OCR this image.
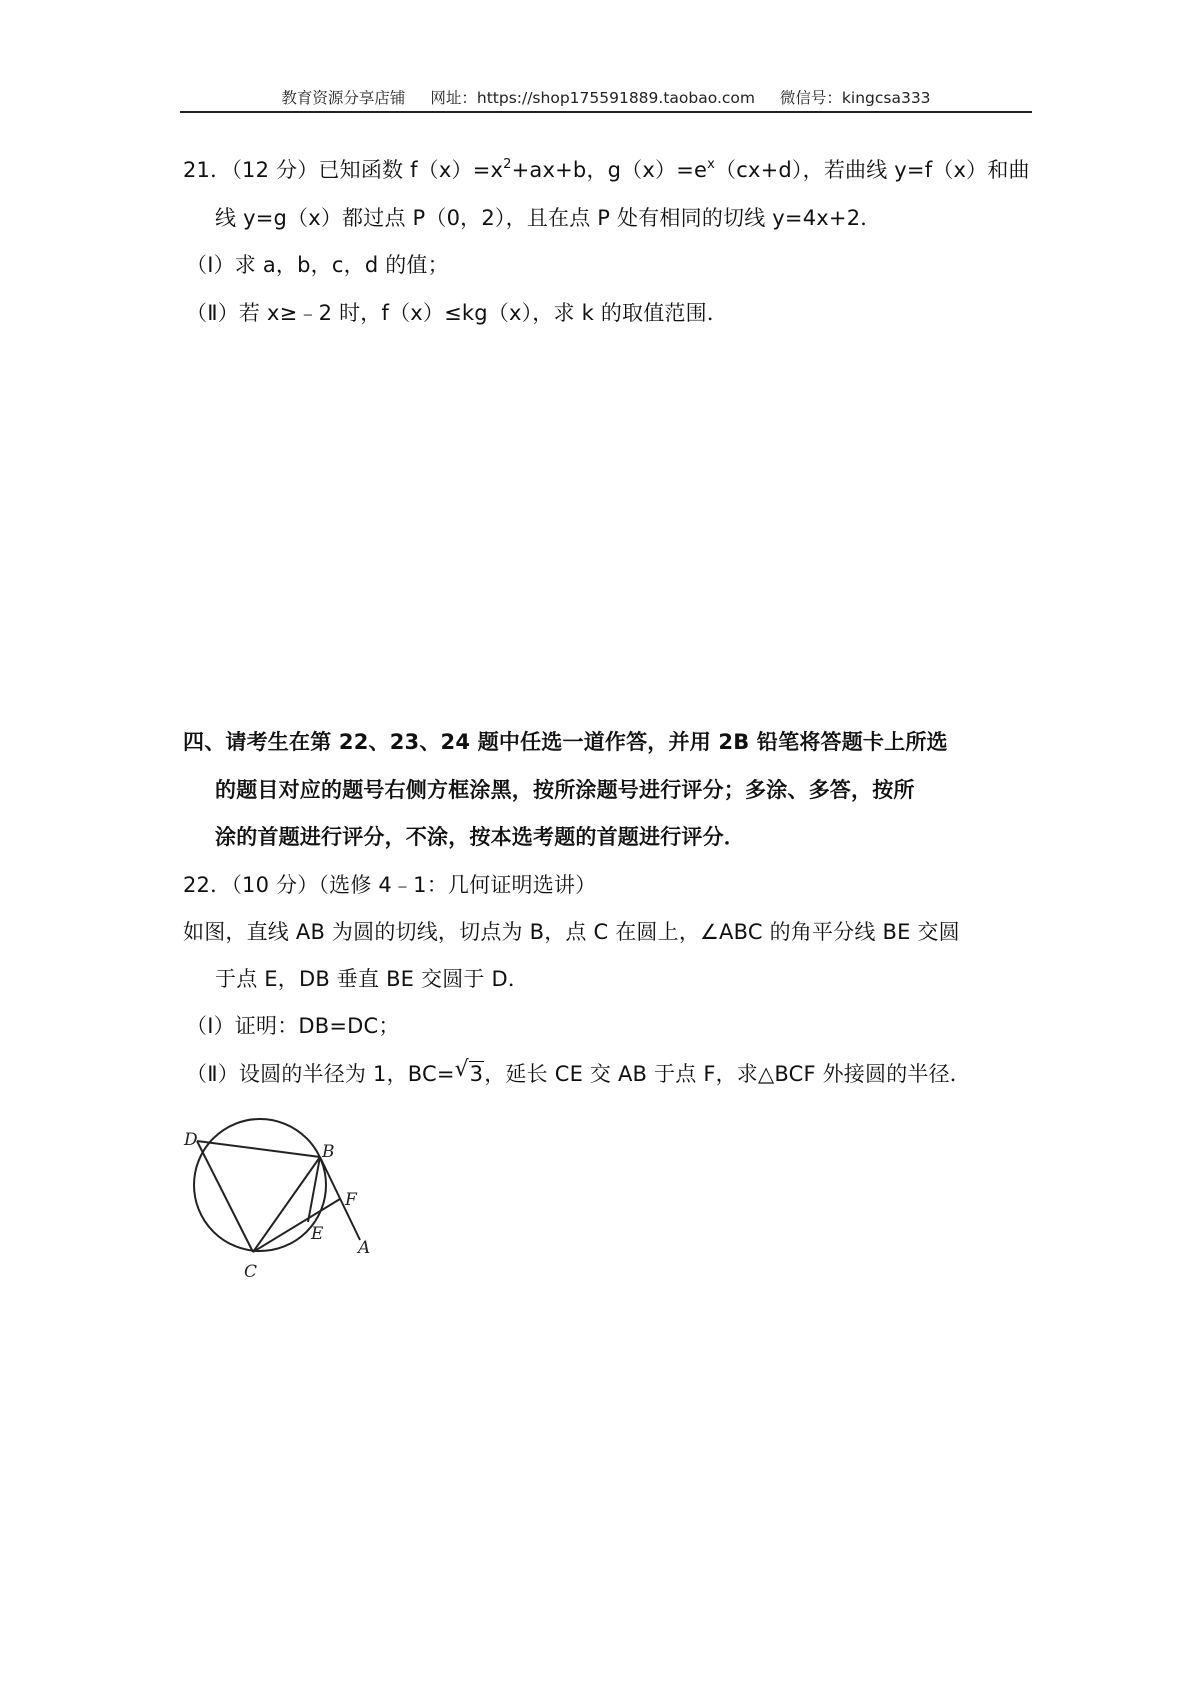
教育资源分享店铺 网址：https://shop175591889.taobao.com 微信号：kingcsa333
21．（12 分）已知函数 $f(x)=x^2+ax+b$，$g(x)=e^x(cx+d)$，若曲线 y=f（x）和曲
线 y=g（x）都过点 P（0，2），且在点 P 处有相同的切线 y=4x+2．
（Ⅰ）求 a，b，c，d 的值；
（Ⅱ）若 x≥﹣2 时，f（x）≤kg（x），求 k 的取值范围．
四、请考生在第 22、23、24 题中任选一道作答，并用 2B 铅笔将答题卡上所选
的题目对应的题号右侧方框涂黑，按所涂题号进行评分；多涂、多答，按所
涂的首题进行评分，不涂，按本选考题的首题进行评分．
22．（10 分）（选修 4﹣1：几何证明选讲）
如图，直线 AB 为圆的切线，切点为 B，点 C 在圆上，∠ABC 的角平分线 BE 交圆
于点 E，DB 垂直 BE 交圆于 D．
（Ⅰ）证明：DB=DC；
（Ⅱ）设圆的半径为 1，BC= √ 3，延长 CE 交 AB 于点 F，求△BCF 外接圆的半径．
D
B
F
E
A
C
